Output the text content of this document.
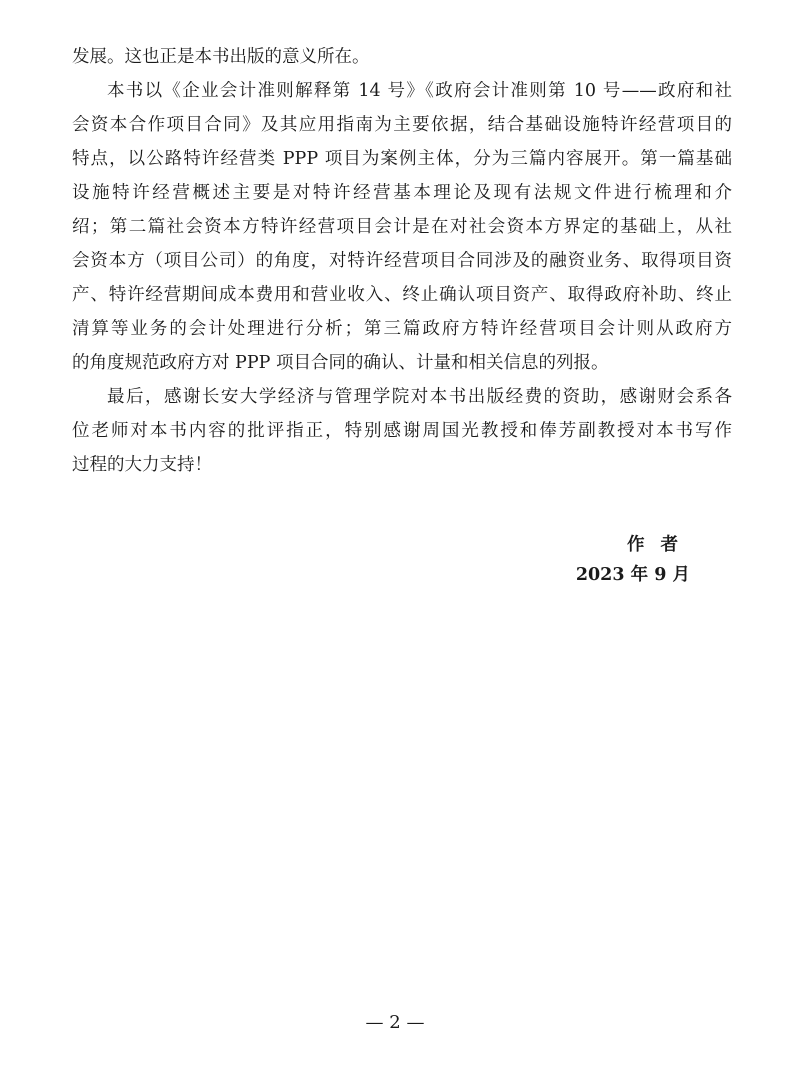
发展。这也正是本书出版的意义所在。
本书以《企业会计准则解释第 14 号》《政府会计准则第 10 号——政府和社
会资本合作项目合同》及其应用指南为主要依据，结合基础设施特许经营项目的
特点，以公路特许经营类 PPP 项目为案例主体，分为三篇内容展开。第一篇基础
设施特许经营概述主要是对特许经营基本理论及现有法规文件进行梳理和介
绍；第二篇社会资本方特许经营项目会计是在对社会资本方界定的基础上，从社
会资本方（项目公司）的角度，对特许经营项目合同涉及的融资业务、取得项目资
产、特许经营期间成本费用和营业收入、终止确认项目资产、取得政府补助、终止
清算等业务的会计处理进行分析；第三篇政府方特许经营项目会计则从政府方
的角度规范政府方对 PPP 项目合同的确认、计量和相关信息的列报。
最后，感谢长安大学经济与管理学院对本书出版经费的资助，感谢财会系各
位老师对本书内容的批评指正，特别感谢周国光教授和俸芳副教授对本书写作
过程的大力支持！
作者
2023 年 9 月
— 2 —
